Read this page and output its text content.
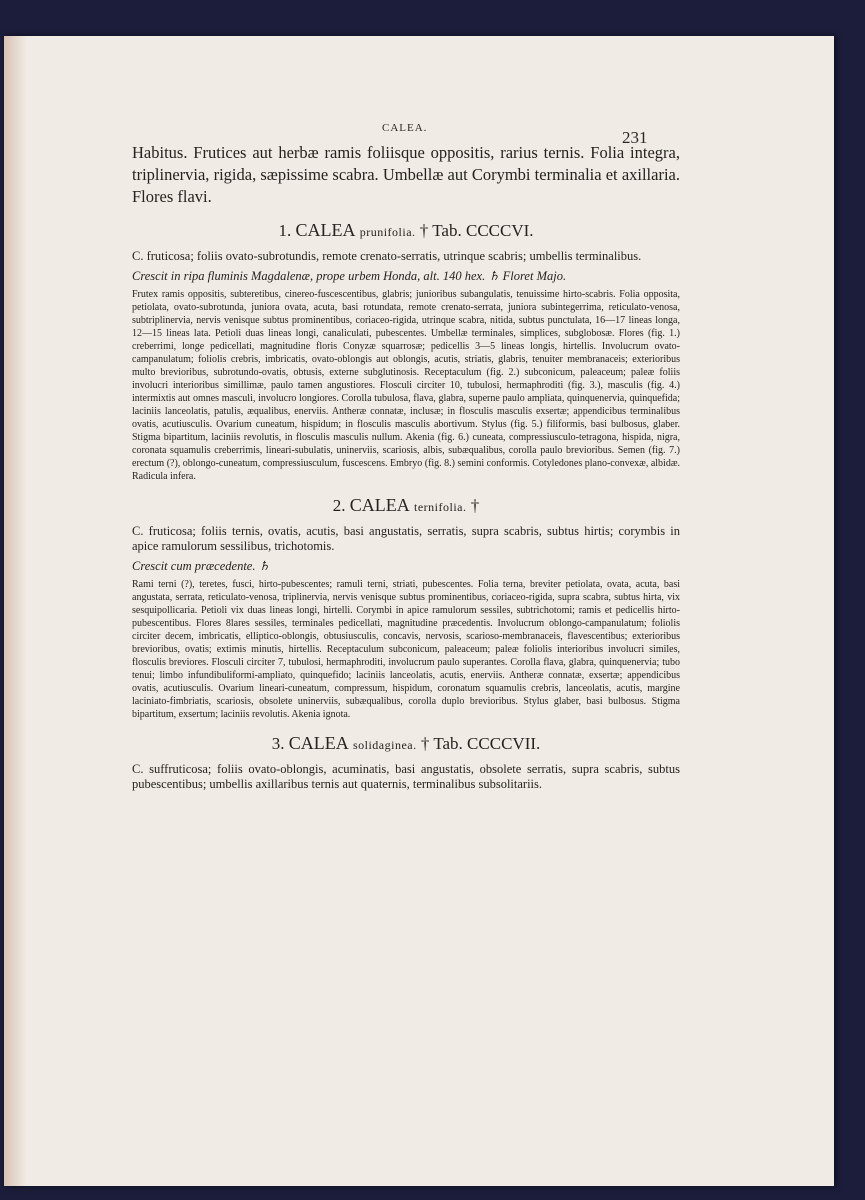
CALEA.	231

Habitus. Frutices aut herbæ ramis foliisque oppositis, rarius ternis. Folia integra, triplinervia, rigida, sæpissime scabra. Umbellæ aut Corymbi terminalia et axillaria. Flores flavi.

1. CALEA prunifolia. † Tab. CCCCVI.

C. fruticosa; foliis ovato-subrotundis, remote crenato-serratis, utrinque scabris; umbellis terminalibus.

Crescit in ripa fluminis Magdalenæ, prope urbem Honda, alt. 140 hex. ♄ Floret Majo.

Frutex ramis oppositis, subteretibus, cinereo-fuscescentibus, glabris; junioribus subangulatis, tenuissime hirto-scabris. Folia opposita, petiolata, ovato-subrotunda, juniora ovata, acuta, basi rotundata, remote crenato-serrata, juniora subintegerrima, reticulato-venosa, subtriplinervia, nervis venisque subtus prominentibus, coriaceo-rigida, utrinque scabra, nitida, subtus punctulata, 16—17 lineas longa, 12—15 lineas lata. Petioli duas lineas longi, canaliculati, pubescentes. Umbellæ terminales, simplices, subglobosæ. Flores (fig. 1.) creberrimi, longe pedicellati, magnitudine floris Conyzæ squarrosæ; pedicellis 3—5 lineas longis, hirtellis. Involucrum ovato-campanulatum; foliolis crebris, imbricatis, ovato-oblongis aut oblongis, acutis, striatis, glabris, tenuiter membranaceis; exterioribus multo brevioribus, subrotundo-ovatis, obtusis, externe subglutinosis. Receptaculum (fig. 2.) subconicum, paleaceum; paleæ foliis involucri interioribus simillimæ, paulo tamen angustiores. Flosculi circiter 10, tubulosi, hermaphroditi (fig. 3.), masculis (fig. 4.) intermixtis aut omnes masculi, involucro longiores. Corolla tubulosa, flava, glabra, superne paulo ampliata, quinquenervia, quinquefida; laciniis lanceolatis, patulis, æqualibus, enerviis. Antheræ connatæ, inclusæ; in flosculis masculis exsertæ; appendicibus terminalibus ovatis, acutiusculis. Ovarium cuneatum, hispidum; in flosculis masculis abortivum. Stylus (fig. 5.) filiformis, basi bulbosus, glaber. Stigma bipartitum, laciniis revolutis, in flosculis masculis nullum. Akenia (fig. 6.) cuneata, compressiusculo-tetragona, hispida, nigra, coronata squamulis creberrimis, lineari-subulatis, uninerviis, scariosis, albis, subæqualibus, corolla paulo brevioribus. Semen (fig. 7.) erectum (?), oblongo-cuneatum, compressiusculum, fuscescens. Embryo (fig. 8.) semini conformis. Cotyledones plano-convexæ, albidæ. Radicula infera.

2. CALEA ternifolia. †

C. fruticosa; foliis ternis, ovatis, acutis, basi angustatis, serratis, supra scabris, subtus hirtis; corymbis in apice ramulorum sessilibus, trichotomis.

Crescit cum præcedente. ♄

Rami terni (?), teretes, fusci, hirto-pubescentes; ramuli terni, striati, pubescentes. Folia terna, breviter petiolata, ovata, acuta, basi angustata, serrata, reticulato-venosa, triplinervia, nervis venisque subtus prominentibus, coriaceo-rigida, supra scabra, subtus hirta, vix sesquipollicaria. Petioli vix duas lineas longi, hirtelli. Corymbi in apice ramulorum sessiles, subtrichotomi; ramis et pedicellis hirto-pubescentibus. Flores 8lares sessiles, terminales pedicellati, magnitudine præcedentis. Involucrum oblongo-campanulatum; foliolis circiter decem, imbricatis, elliptico-oblongis, obtusiusculis, concavis, nervosis, scarioso-membranaceis, flavescentibus; exterioribus brevioribus, ovatis; extimis minutis, hirtellis. Receptaculum subconicum, paleaceum; paleæ foliolis interioribus involucri similes, flosculis breviores. Flosculi circiter 7, tubulosi, hermaphroditi, involucrum paulo superantes. Corolla flava, glabra, quinquenervia; tubo tenui; limbo infundibuliformi-ampliato, quinquefido; laciniis lanceolatis, acutis, enerviis. Antheræ connatæ, exsertæ; appendicibus ovatis, acutiusculis. Ovarium lineari-cuneatum, compressum, hispidum, coronatum squamulis crebris, lanceolatis, acutis, margine laciniato-fimbriatis, scariosis, obsolete uninerviis, subæqualibus, corolla duplo brevioribus. Stylus glaber, basi bulbosus. Stigma bipartitum, exsertum; laciniis revolutis. Akenia ignota.

3. CALEA solidaginea. † Tab. CCCCVII.

C. suffruticosa; foliis ovato-oblongis, acuminatis, basi angustatis, obsolete serratis, supra scabris, subtus pubescentibus; umbellis axillaribus ternis aut quaternis, terminalibus subsolitariis.
